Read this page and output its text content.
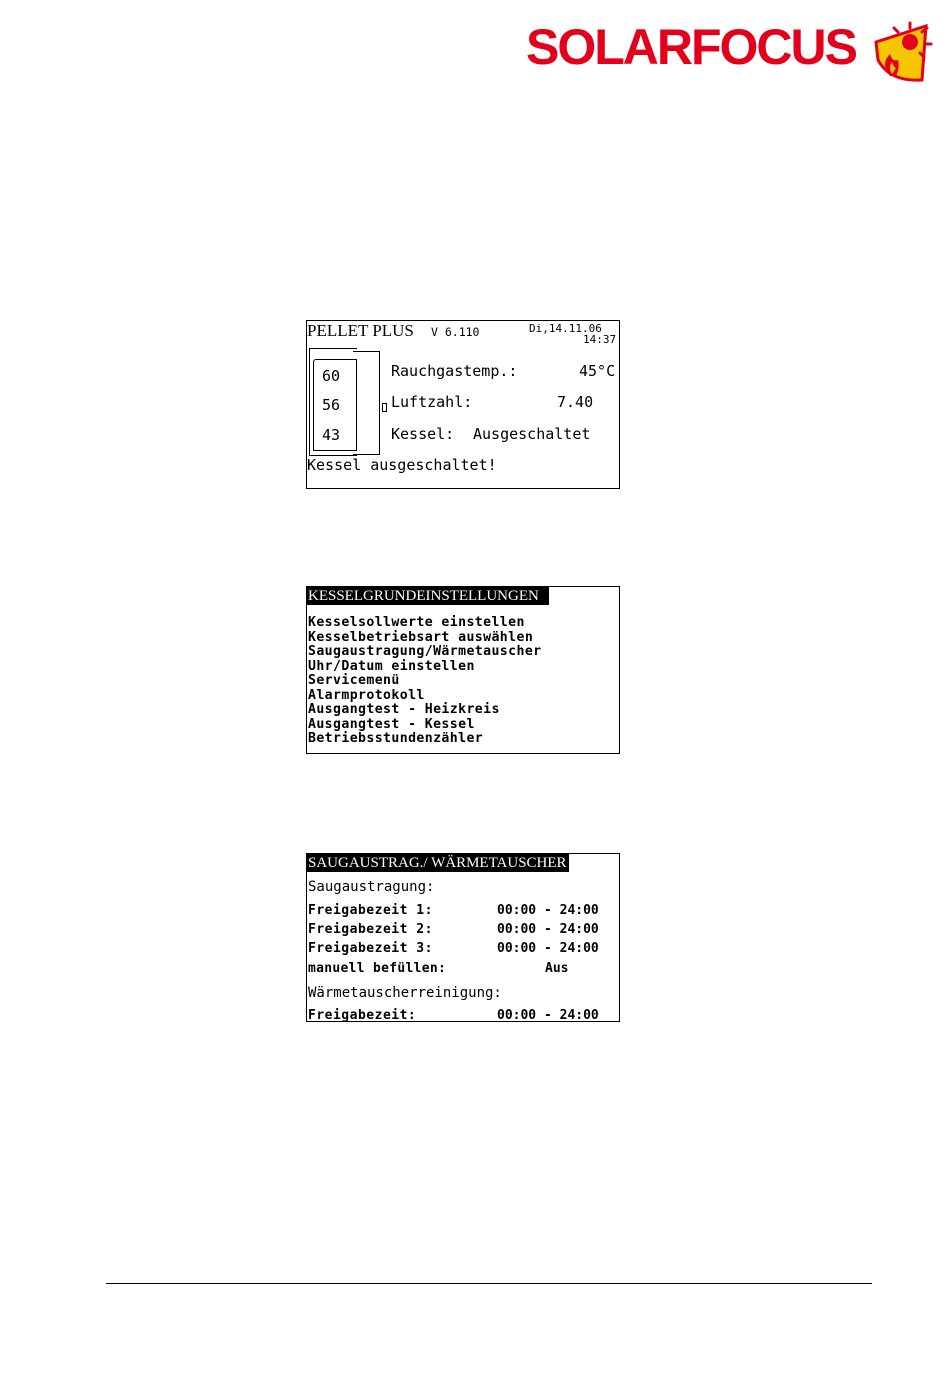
SOLARFOCUS
PELLET PLUS V 6.110	Di,14.11.06
14:37
60
56
43
Rauchgastemp.:	45°C
Luftzahl:	7.40
Kessel: Ausgeschaltet
Kessel ausgeschaltet!
KESSELGRUNDEINSTELLUNGEN
Kesselsollwerte einstellen
Kesselbetriebsart auswählen
Saugaustragung/Wärmetauscher
Uhr/Datum einstellen
Servicemenü
Alarmprotokoll
Ausgangtest - Heizkreis
Ausgangtest - Kessel
Betriebsstundenzähler
SAUGAUSTRAG./ WÄRMETAUSCHER
Saugaustragung:
Freigabezeit 1:	00:00 - 24:00
Freigabezeit 2:	00:00 - 24:00
Freigabezeit 3:	00:00 - 24:00
manuell befüllen:	Aus
Wärmetauscherreinigung:
Freigabezeit:	00:00 - 24:00
